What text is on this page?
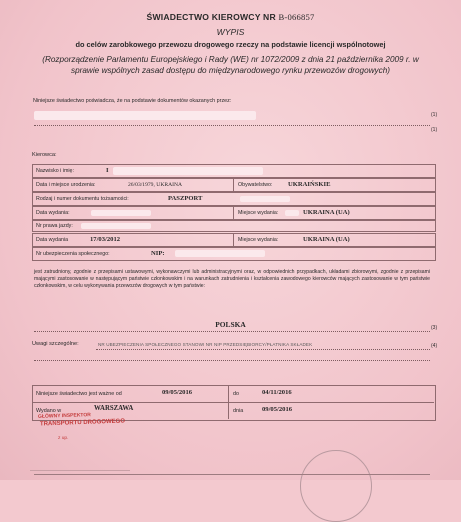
ŚWIADECTWO KIEROWCY NR B-066857
WYPIS
do celów zarobkowego przewozu drogowego rzeczy na podstawie licencji wspólnotowej
(Rozporządzenie Parlamentu Europejskiego i Rady (WE) nr 1072/2009 z dnia 21 października 2009 r. w sprawie wspólnych zasad dostępu do międzynarodowego rynku przewozów drogowych)
Niniejsze świadectwo poświadcza, że na podstawie dokumentów okazanych przez:
(1)
(1)
Kierowca:
Nazwisko i imię:	I
Data i miejsce urodzenia:	26/03/1979, UKRAINA	Obywatelstwo: UKRAIŃSKIE
Rodzaj i numer dokumentu tożsamości:	PASZPORT
Data wydania:	Miejsce wydania:	UKRAINA (UA)
Nr prawa jazdy:
Data wydania	17/03/2012	Miejsce wydania:	UKRAINA (UA)
Nr ubezpieczenia społecznego:	NIP:
jest zatrudniony, zgodnie z przepisami ustawowymi, wykonawczymi lub administracyjnymi oraz, w odpowiednich przypadkach, układami zbiorowymi, zgodnie z przepisami mającymi zastosowanie w następującym państwie członkowskim i na warunkach zatrudnienia i kształcenia zawodowego kierowców mających zastosowanie w tym państwie członkowskim, w celu wykonywania przewozów drogowych w tym państwie:
POLSKA	(3)
Uwagi szczególne:	NR UBEZPIECZENIA SPOŁECZNEGO STANOWI NR NIP PRZEDSIĘBIORCY/PŁATNIKA SKŁADEK	(4)
Niniejsze świadectwo jest ważne od	09/05/2016	do	04/11/2016
Wydano w	WARSZAWA	dnia	09/05/2016
GŁÓWNY INSPEKTOR
TRANSPORTU DROGOWEGO
z up.
